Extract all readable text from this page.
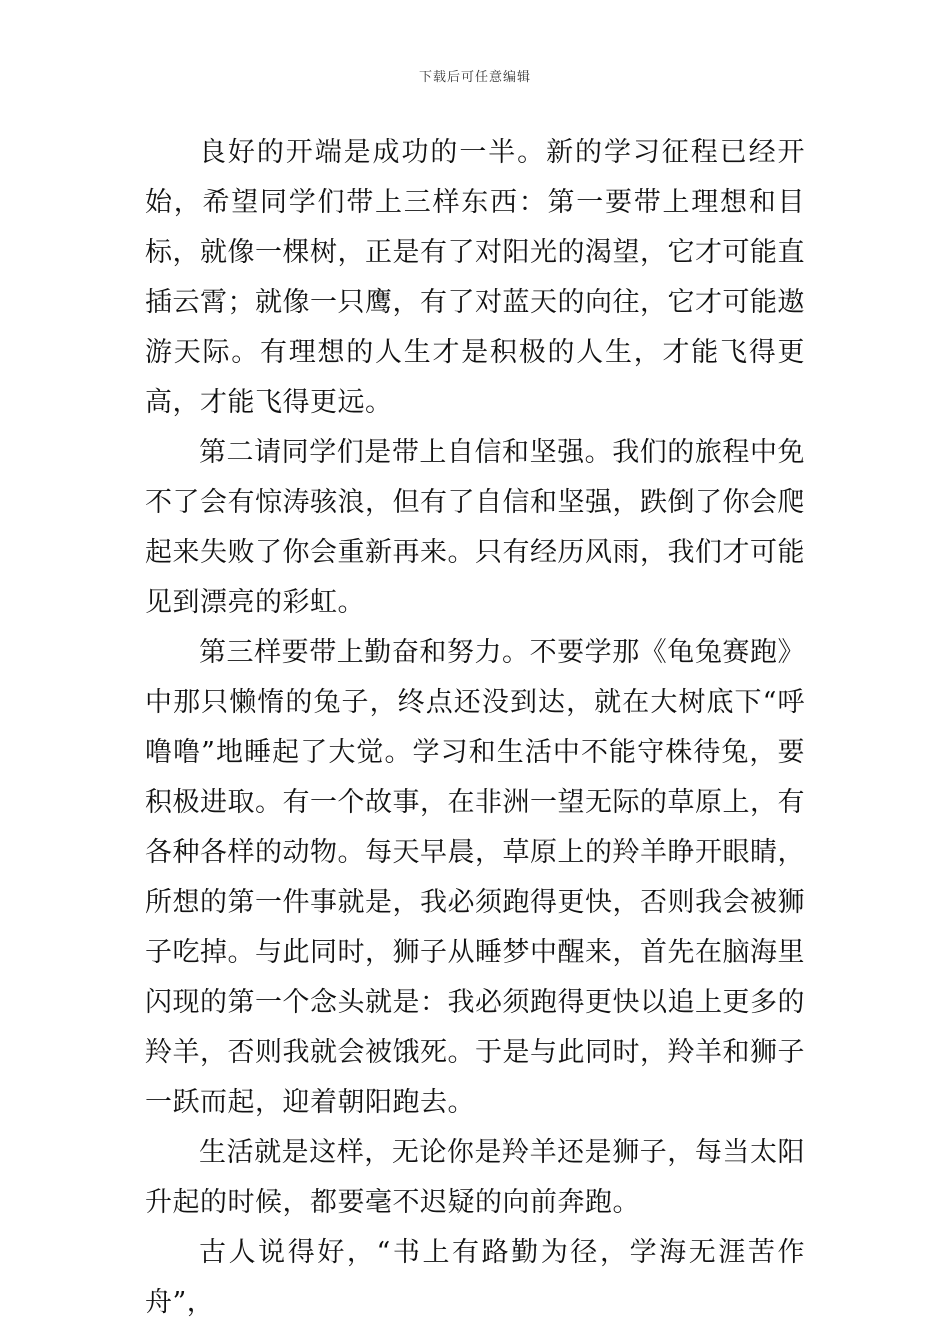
下载后可任意编辑

良好的开端是成功的一半。新的学习征程已经开始，希望同学们带上三样东西：第一要带上理想和目标，就像一棵树，正是有了对阳光的渴望，它才可能直插云霄；就像一只鹰，有了对蓝天的向往，它才可能遨游天际。有理想的人生才是积极的人生，才能飞得更高，才能飞得更远。

第二请同学们是带上自信和坚强。我们的旅程中免不了会有惊涛骇浪，但有了自信和坚强，跌倒了你会爬起来失败了你会重新再来。只有经历风雨，我们才可能见到漂亮的彩虹。

第三样要带上勤奋和努力。不要学那《龟兔赛跑》中那只懒惰的兔子，终点还没到达，就在大树底下“呼噜噜”地睡起了大觉。学习和生活中不能守株待兔，要积极进取。有一个故事，在非洲一望无际的草原上，有各种各样的动物。每天早晨，草原上的羚羊睁开眼睛，所想的第一件事就是，我必须跑得更快，否则我会被狮子吃掉。与此同时，狮子从睡梦中醒来，首先在脑海里闪现的第一个念头就是：我必须跑得更快以追上更多的羚羊，否则我就会被饿死。于是与此同时，羚羊和狮子一跃而起，迎着朝阳跑去。

生活就是这样，无论你是羚羊还是狮子，每当太阳升起的时候，都要毫不迟疑的向前奔跑。

古人说得好，“书上有路勤为径，学海无涯苦作舟”，
